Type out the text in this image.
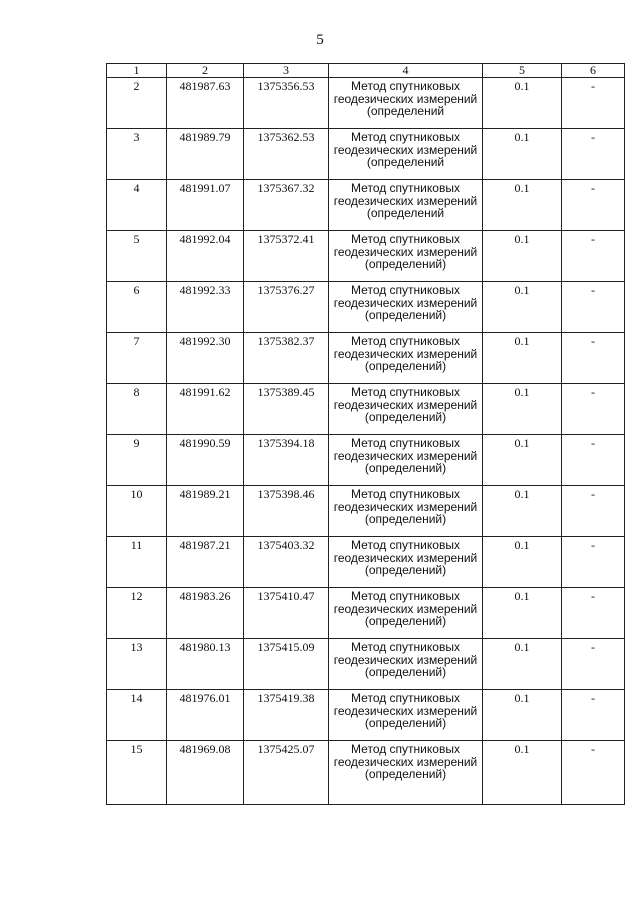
5
1	2	3	4	5	6
2	481987.63	1375356.53	Метод спутниковых геодезических измерений (определений	0.1	-
3	481989.79	1375362.53	Метод спутниковых геодезических измерений (определений	0.1	-
4	481991.07	1375367.32	Метод спутниковых геодезических измерений (определений	0.1	-
5	481992.04	1375372.41	Метод спутниковых геодезических измерений (определений)	0.1	-
6	481992.33	1375376.27	Метод спутниковых геодезических измерений (определений)	0.1	-
7	481992.30	1375382.37	Метод спутниковых геодезических измерений (определений)	0.1	-
8	481991.62	1375389.45	Метод спутниковых геодезических измерений (определений)	0.1	-
9	481990.59	1375394.18	Метод спутниковых геодезических измерений (определений)	0.1	-
10	481989.21	1375398.46	Метод спутниковых геодезических измерений (определений)	0.1	-
11	481987.21	1375403.32	Метод спутниковых геодезических измерений (определений)	0.1	-
12	481983.26	1375410.47	Метод спутниковых геодезических измерений (определений)	0.1	-
13	481980.13	1375415.09	Метод спутниковых геодезических измерений (определений)	0.1	-
14	481976.01	1375419.38	Метод спутниковых геодезических измерений (определений)	0.1	-
15	481969.08	1375425.07	Метод спутниковых геодезических измерений (определений)	0.1	-
